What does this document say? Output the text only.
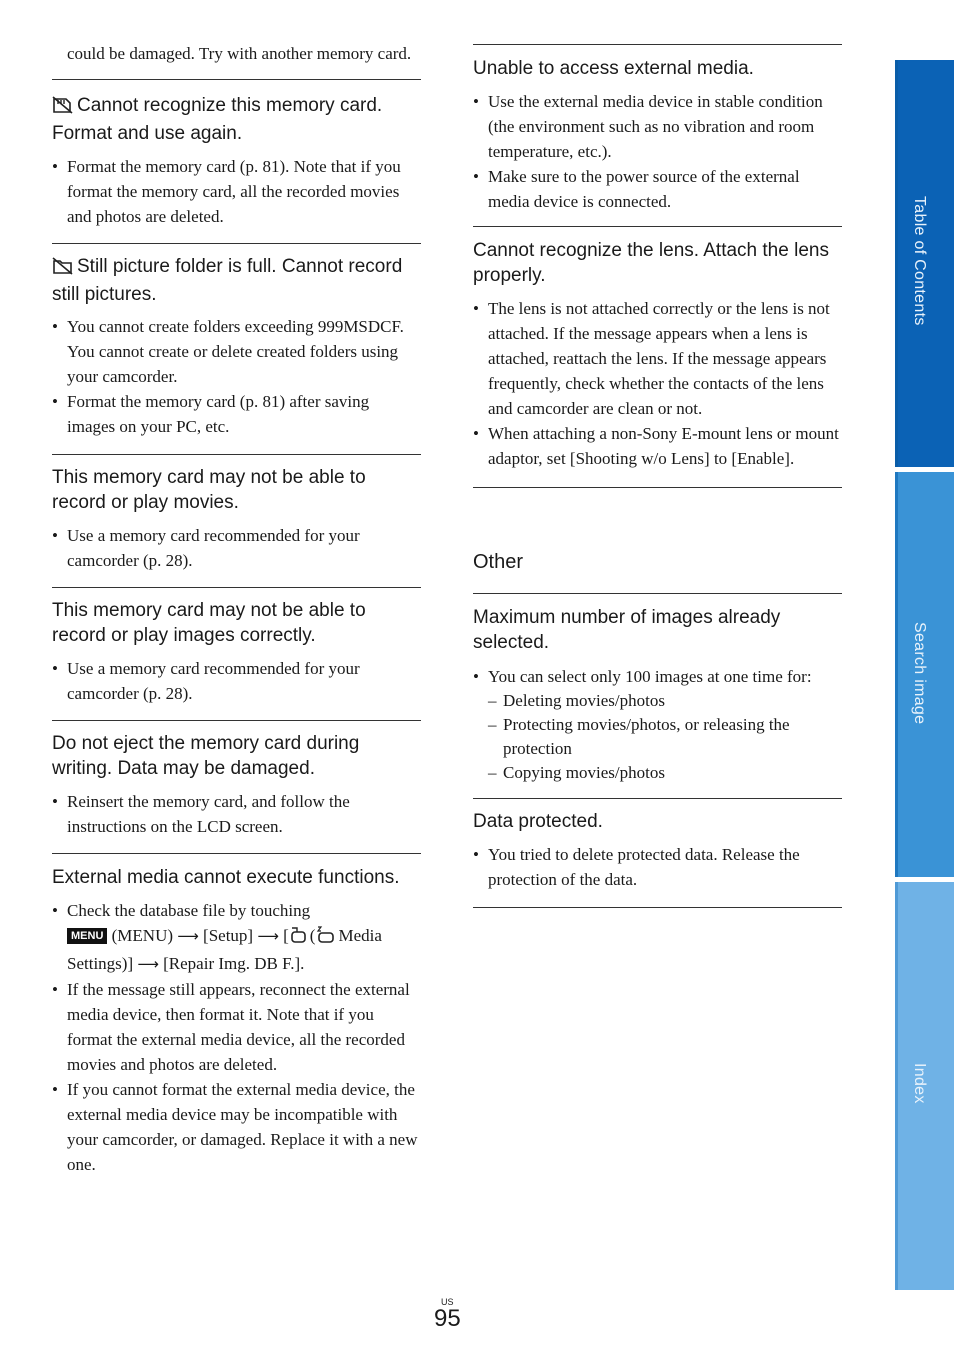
could be damaged. Try with another memory card.

Cannot recognize this memory card. Format and use again.

• Format the memory card (p. 81). Note that if you format the memory card, all the recorded movies and photos are deleted.

Still picture folder is full. Cannot record still pictures.

• You cannot create folders exceeding 999MSDCF. You cannot create or delete created folders using your camcorder.
• Format the memory card (p. 81) after saving images on your PC, etc.

This memory card may not be able to record or play movies.

• Use a memory card recommended for your camcorder (p. 28).

This memory card may not be able to record or play images correctly.

• Use a memory card recommended for your camcorder (p. 28).

Do not eject the memory card during writing. Data may be damaged.

• Reinsert the memory card, and follow the instructions on the LCD screen.

External media cannot execute functions.

• Check the database file by touching
MENU (MENU) ⟶ [Setup] ⟶ [ ( Media Settings)] ⟶ [Repair Img. DB F.].
• If the message still appears, reconnect the external media device, then format it. Note that if you format the external media device, all the recorded movies and photos are deleted.
• If you cannot format the external media device, the external media device may be incompatible with your camcorder, or damaged. Replace it with a new one.

Unable to access external media.

• Use the external media device in stable condition (the environment such as no vibration and room temperature, etc.).
• Make sure to the power source of the external media device is connected.

Cannot recognize the lens. Attach the lens properly.

• The lens is not attached correctly or the lens is not attached. If the message appears when a lens is attached, reattach the lens. If the message appears frequently, check whether the contacts of the lens and camcorder are clean or not.
• When attaching a non-Sony E-mount lens or mount adaptor, set [Shooting w/o Lens] to [Enable].

Other

Maximum number of images already selected.

• You can select only 100 images at one time for:
– Deleting movies/photos
– Protecting movies/photos, or releasing the
protection
– Copying movies/photos

Data protected.

• You tried to delete protected data. Release the protection of the data.
Table of Contents
Search image
Index
US
95
